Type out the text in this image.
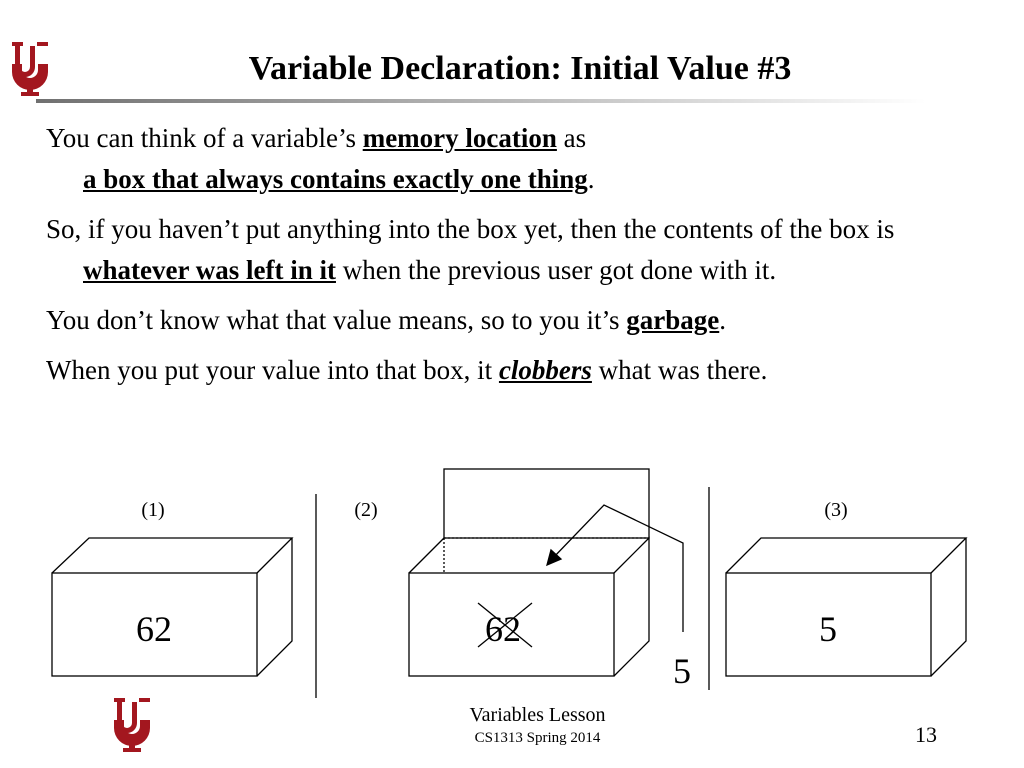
Variable Declaration: Initial Value #3

You can think of a variable’s memory location as
a box that always contains exactly one thing.

So, if you haven’t put anything into the box yet, then the contents of the box is whatever was left in it when the previous user got done with it.

You don’t know what that value means, so to you it’s garbage.

When you put your value into that box, it clobbers what was there.

(1)	(2)	(3)
62	62
5
5
Variables Lesson
CS1313 Spring 2014	13
